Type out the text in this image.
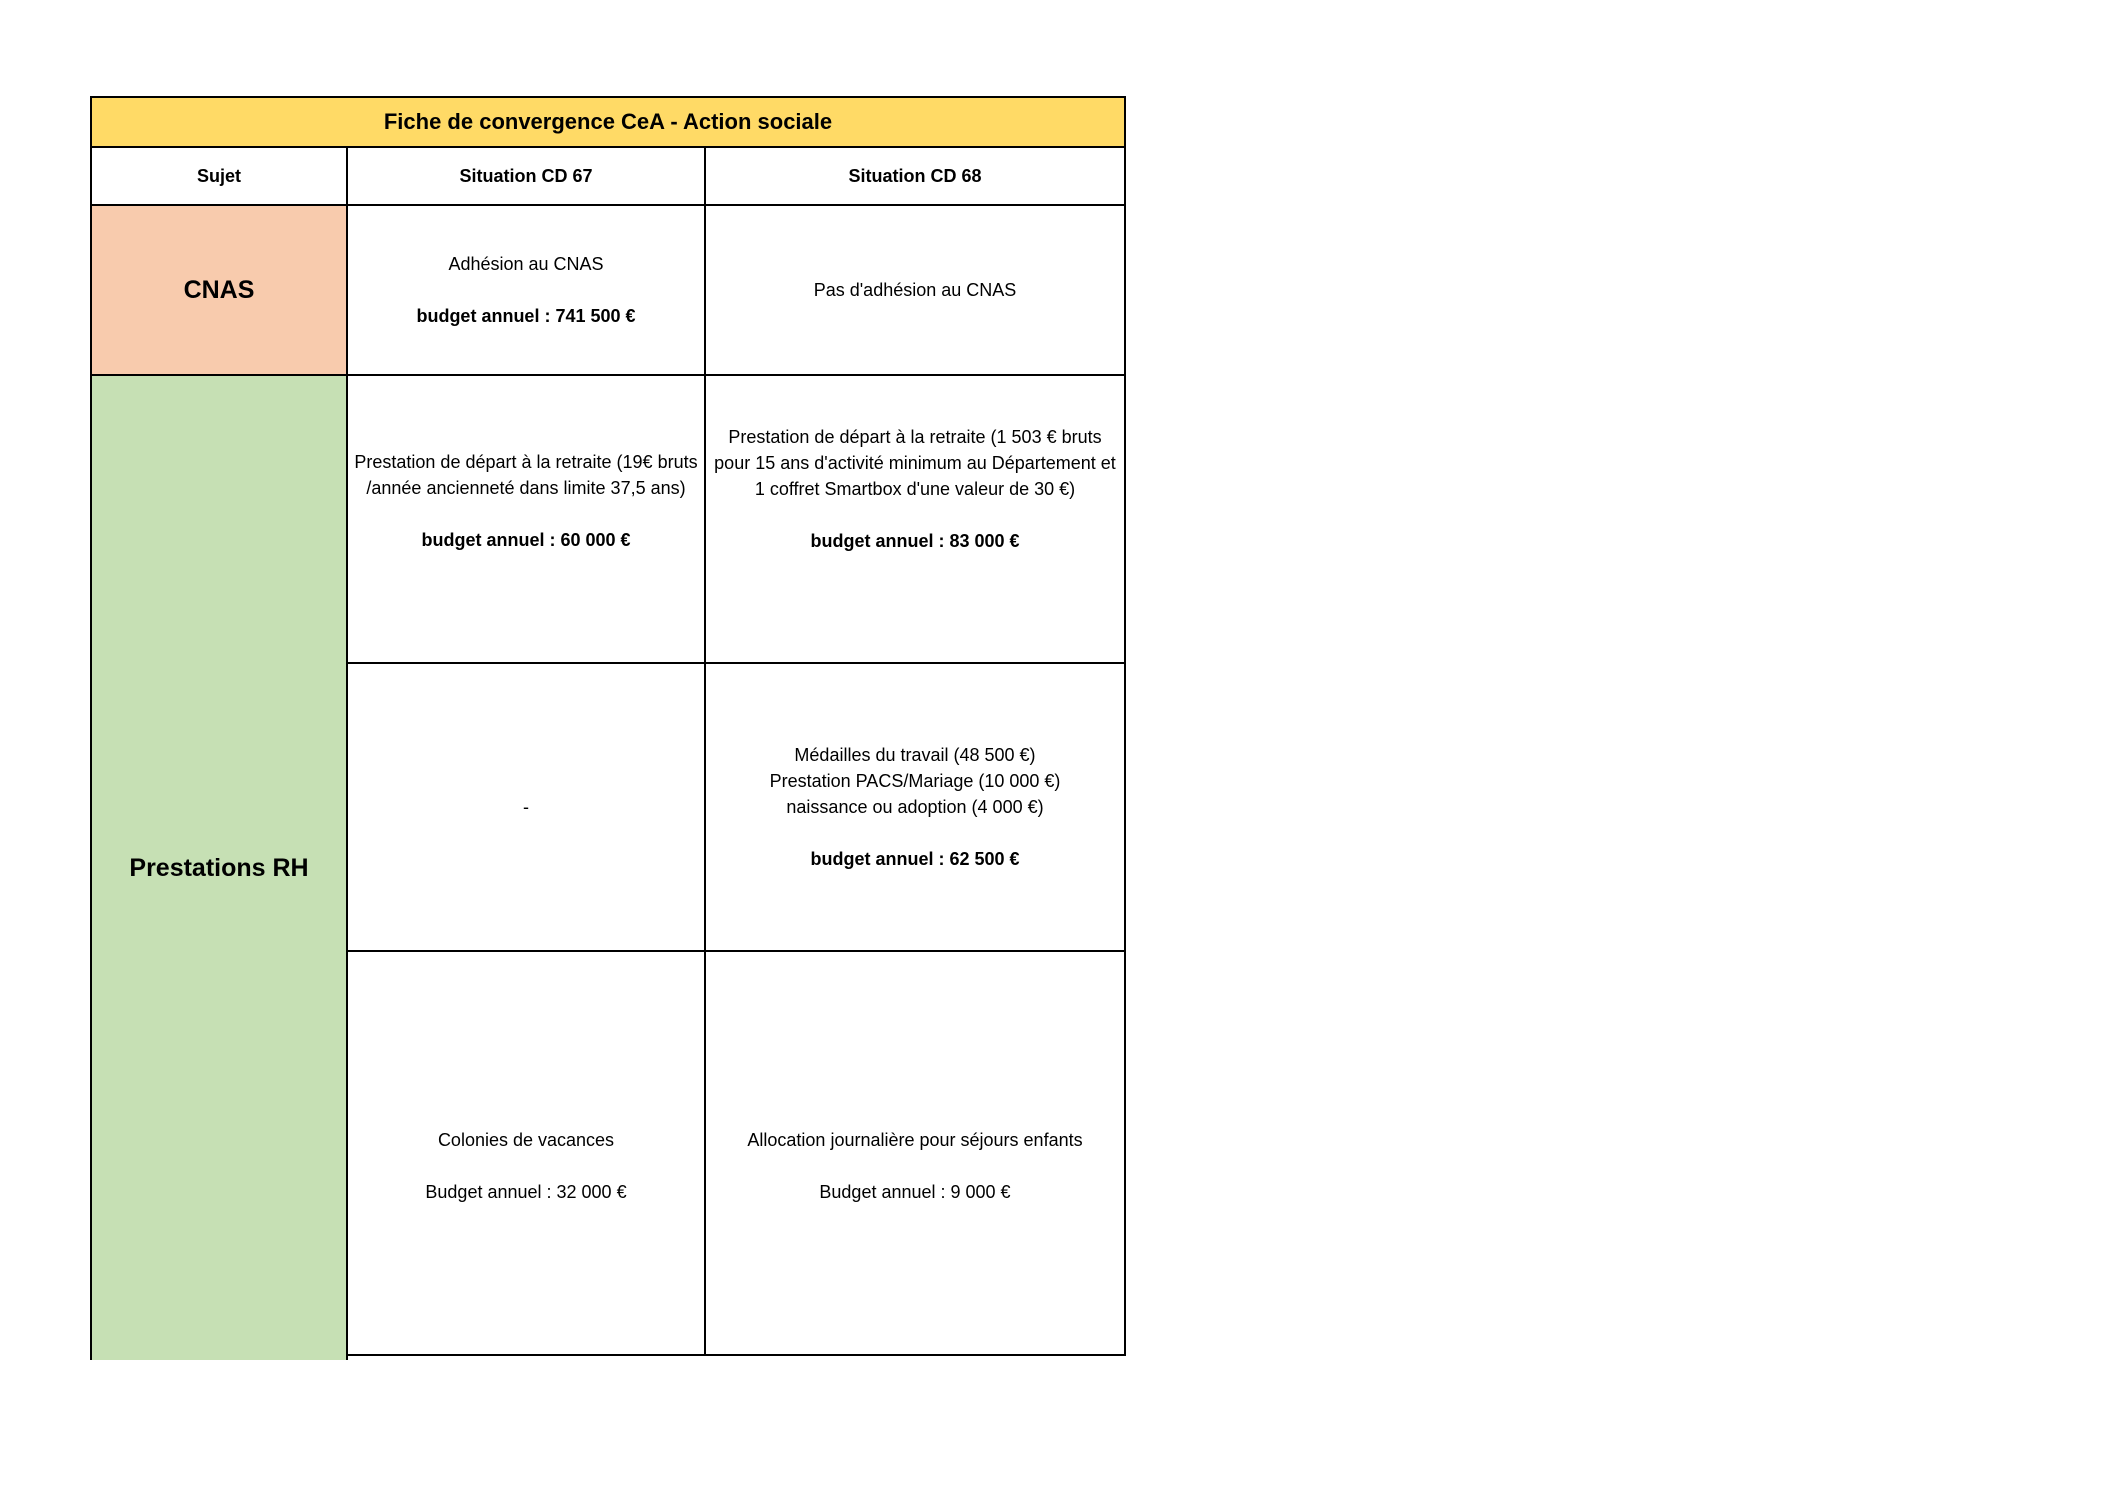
Fiche de convergence CeA - Action sociale
Sujet	Situation CD 67	Situation CD 68
CNAS
Prestations RH
Adhésion au CNAS
budget annuel : 741 500 €
Pas d'adhésion au CNAS
Prestation de départ à la retraite (19€ bruts /année ancienneté dans limite 37,5 ans)
budget annuel : 60 000 €
Prestation de départ à la retraite (1 503 € bruts pour 15 ans d'activité minimum au Département et 1 coffret Smartbox d'une valeur de 30 €)
budget annuel : 83 000 €
-
Médailles du travail (48 500 €)
Prestation PACS/Mariage (10 000 €)
naissance ou adoption (4 000 €)
budget annuel : 62 500 €
Colonies de vacances
Budget annuel : 32 000 €
Allocation journalière pour séjours enfants
Budget annuel : 9 000 €
